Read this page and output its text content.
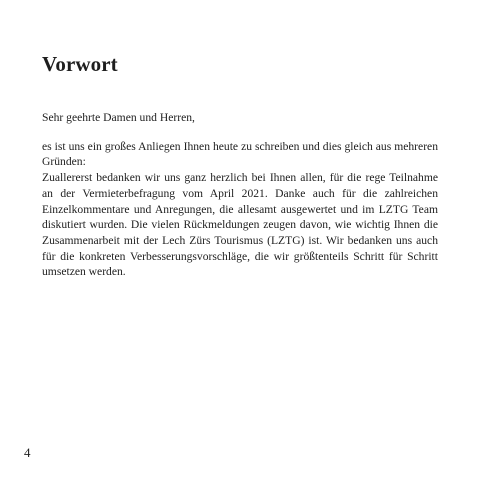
Vorwort

Sehr geehrte Damen und Herren,

es ist uns ein großes Anliegen Ihnen heute zu schreiben und dies gleich aus mehreren Gründen:

Zuallererst bedanken wir uns ganz herzlich bei Ihnen allen, für die rege Teilnahme an der Vermieterbefragung vom April 2021. Danke auch für die zahlreichen Einzelkommentare und Anregungen, die allesamt ausgewertet und im LZTG Team diskutiert wurden. Die vielen Rückmeldungen zeugen davon, wie wichtig Ihnen die Zusammenarbeit mit der Lech Zürs Tourismus (LZTG) ist. Wir bedanken uns auch für die konkreten Verbesserungsvorschläge, die wir größtenteils Schritt für Schritt umsetzen werden.

4
